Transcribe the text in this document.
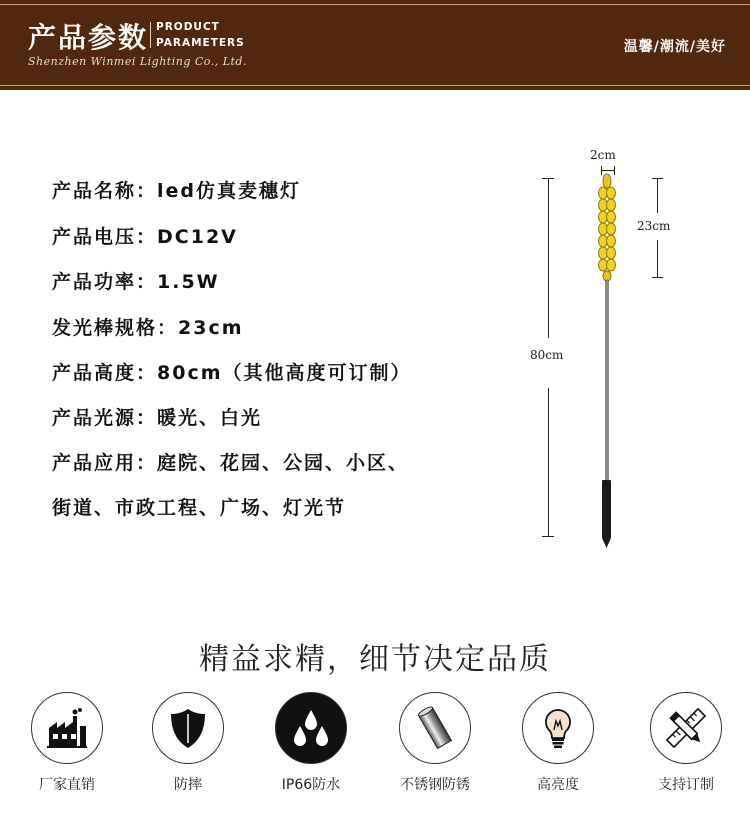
产品参数 PRODUCT
PARAMETERS
Shenzhen Winmei Lighting Co., Ltd.
温馨/潮流/美好
产品名称：led仿真麦穗灯
产品电压：DC12V
产品功率：1.5W
发光棒规格：23cm
产品高度：80cm（其他高度可订制）
产品光源：暖光、白光
产品应用：庭院、花园、公园、小区、
街道、市政工程、广场、灯光节
2cm
23cm
80cm
精益求精，细节决定品质
厂家直销	防摔	IP66防水	不锈钢防锈	高亮度	支持订制
